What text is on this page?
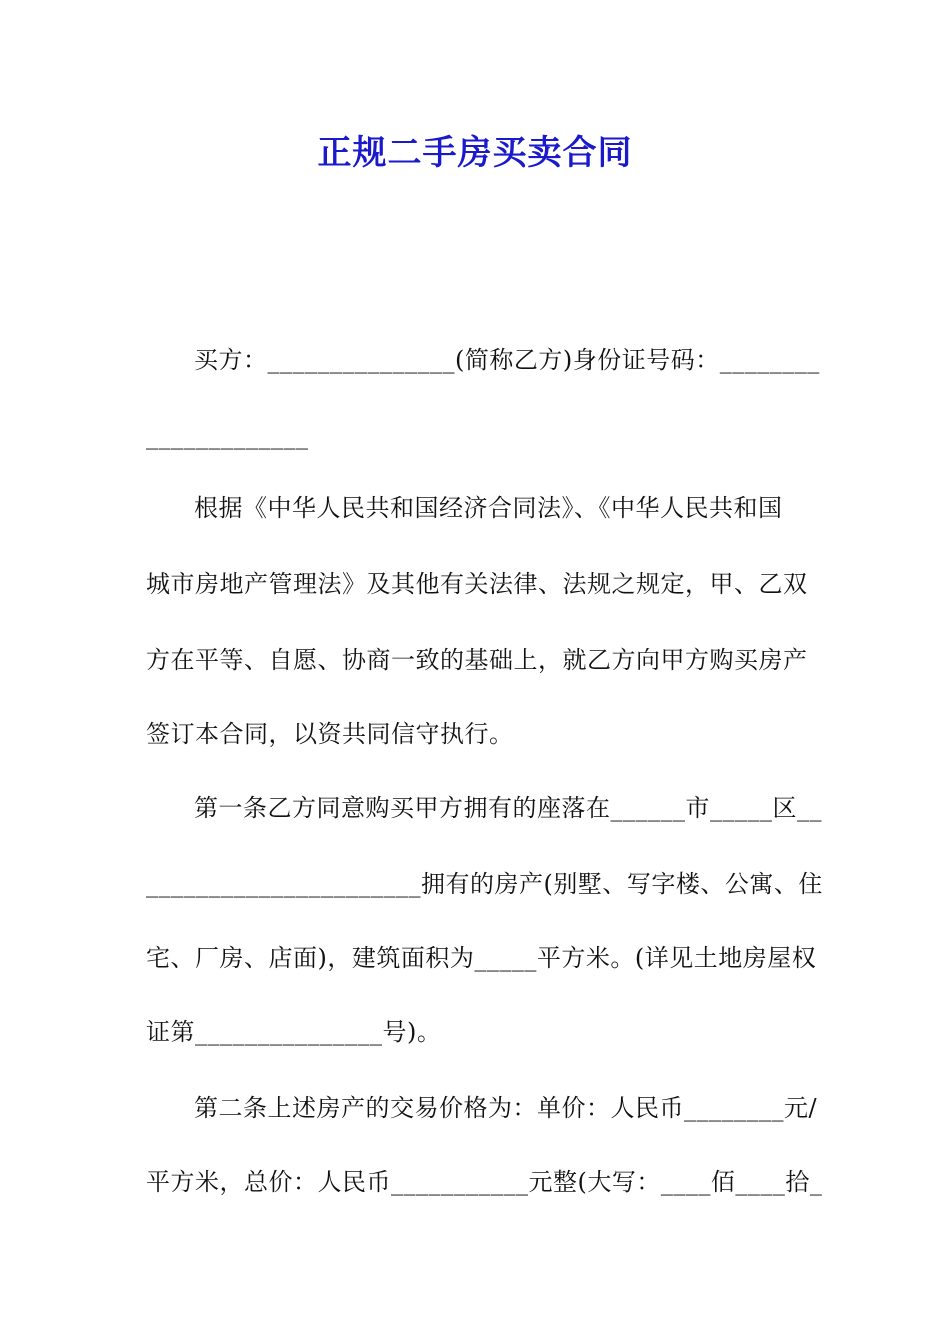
正规二手房买卖合同
买方：_______________(简称乙方)身份证号码：________
_____________
根据《中华人民共和国经济合同法》、《中华人民共和国
城市房地产管理法》及其他有关法律、法规之规定，甲、乙双
方在平等、自愿、协商一致的基础上，就乙方向甲方购买房产
签订本合同，以资共同信守执行。
第一条乙方同意购买甲方拥有的座落在______市_____区__
______________________拥有的房产(别墅、写字楼、公寓、住
宅、厂房、店面)，建筑面积为_____平方米。(详见土地房屋权
证第_______________号)。
第二条上述房产的交易价格为：单价：人民币________元/
平方米，总价：人民币___________元整(大写：____佰____拾_
